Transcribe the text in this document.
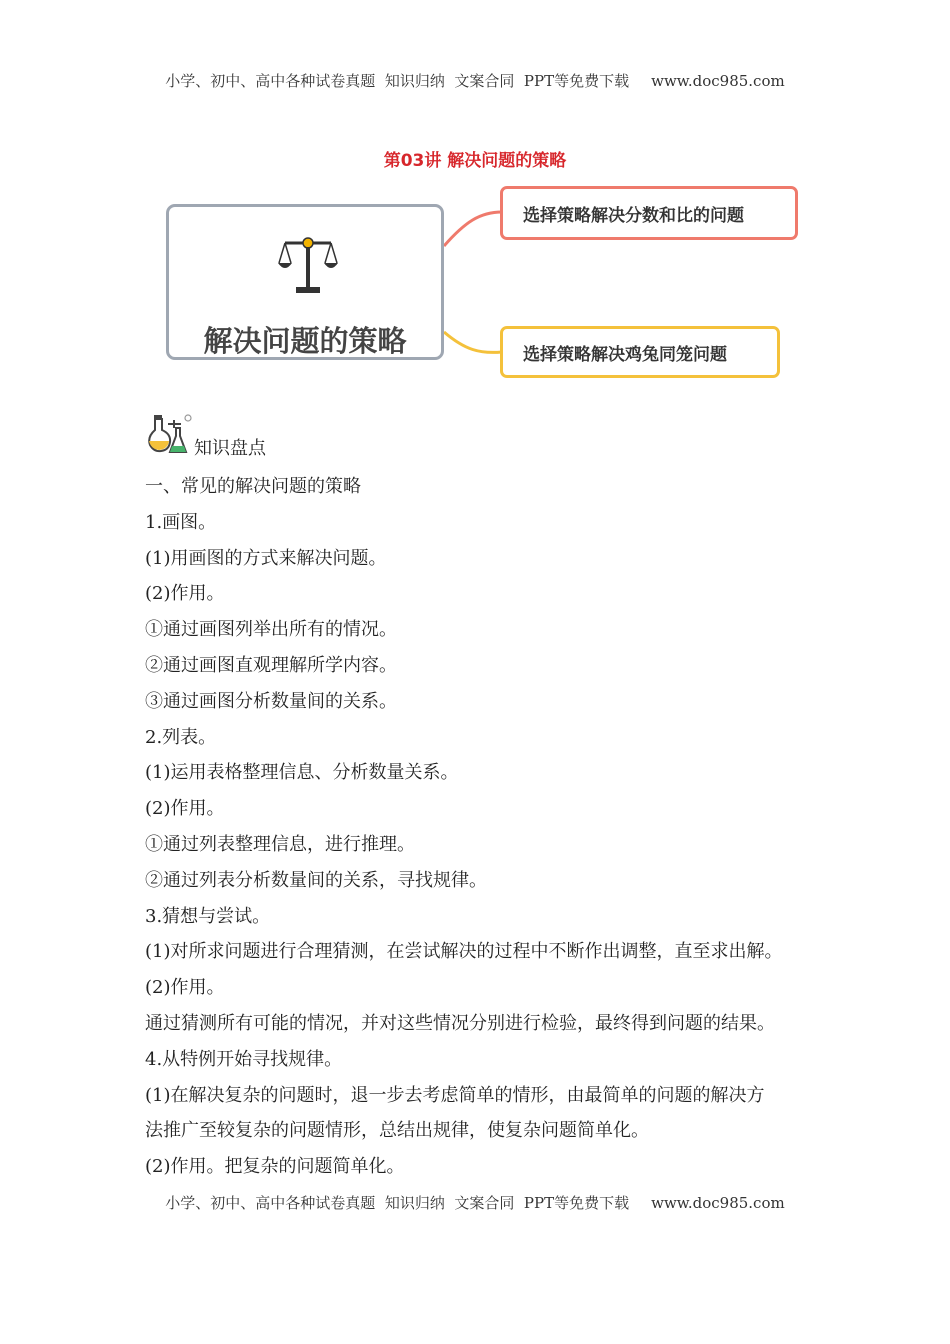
小学、初中、高中各种试卷真题  知识归纳  文案合同  PPT等免费下载 www.doc985.com
第03讲 解决问题的策略
解决问题的策略
选择策略解决分数和比的问题
选择策略解决鸡兔同笼问题
知识盘点
一、常见的解决问题的策略
1.画图。
(1)用画图的方式来解决问题。
(2)作用。
①通过画图列举出所有的情况。
②通过画图直观理解所学内容。
③通过画图分析数量间的关系。
2.列表。
(1)运用表格整理信息、分析数量关系。
(2)作用。
①通过列表整理信息，进行推理。
②通过列表分析数量间的关系，寻找规律。
3.猜想与尝试。
(1)对所求问题进行合理猜测，在尝试解决的过程中不断作出调整，直至求出解。
(2)作用。
通过猜测所有可能的情况，并对这些情况分别进行检验，最终得到问题的结果。
4.从特例开始寻找规律。
(1)在解决复杂的问题时，退一步去考虑简单的情形，由最简单的问题的解决方
法推广至较复杂的问题情形，总结出规律，使复杂问题简单化。
(2)作用。把复杂的问题简单化。
小学、初中、高中各种试卷真题  知识归纳  文案合同  PPT等免费下载 www.doc985.com
